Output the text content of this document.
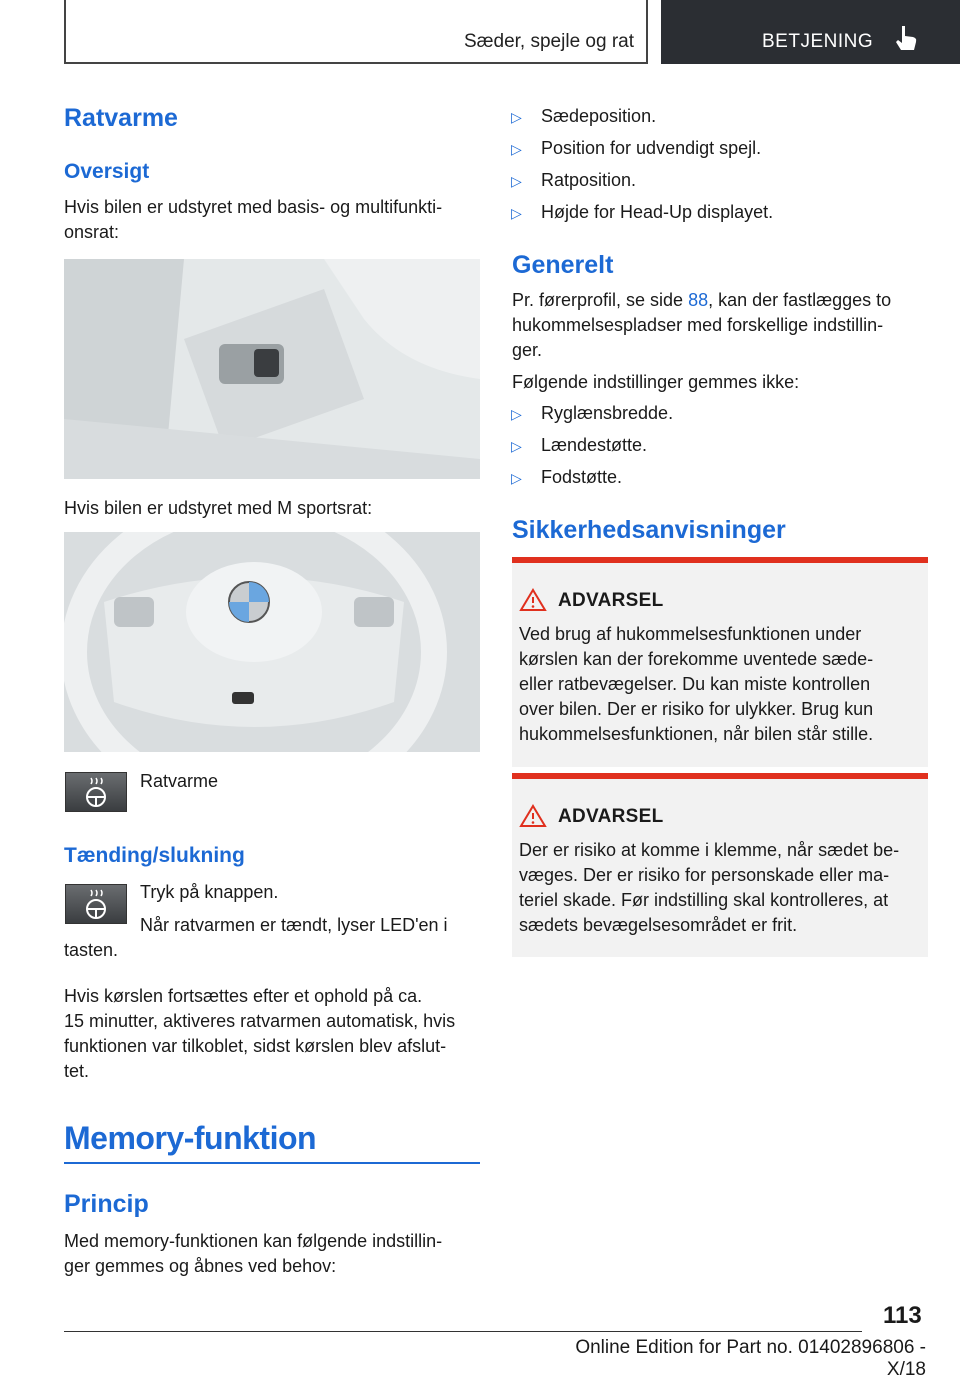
Sæder, spejle og rat	BETJENING
Ratvarme
Oversigt
Hvis bilen er udstyret med basis- og multifunkti-
onsrat:
Hvis bilen er udstyret med M sportsrat:
Ratvarme
Tænding/slukning
Tryk på knappen.
Når ratvarmen er tændt, lyser LED'en i
tasten.
Hvis kørslen fortsættes efter et ophold på ca.
15 minutter, aktiveres ratvarmen automatisk, hvis
funktionen var tilkoblet, sidst kørslen blev afslut-
tet.
Memory-funktion
Princip
Med memory-funktionen kan følgende indstillin-
ger gemmes og åbnes ved behov:
▷ Sædeposition.
▷ Position for udvendigt spejl.
▷ Ratposition.
▷ Højde for Head-Up displayet.
Generelt
Pr. førerprofil, se side 88, kan der fastlægges to
hukommelsespladser med forskellige indstillin-
ger.
Følgende indstillinger gemmes ikke:
▷ Ryglænsbredde.
▷ Lændestøtte.
▷ Fodstøtte.
Sikkerhedsanvisninger
ADVARSEL
Ved brug af hukommelsesfunktionen under
kørslen kan der forekomme uventede sæde-
eller ratbevægelser. Du kan miste kontrollen
over bilen. Der er risiko for ulykker. Brug kun
hukommelsesfunktionen, når bilen står stille.
ADVARSEL
Der er risiko at komme i klemme, når sædet be-
væges. Der er risiko for personskade eller ma-
teriel skade. Før indstilling skal kontrolleres, at
sædets bevægelsesområdet er frit.
113
Online Edition for Part no. 01402896806 - X/18
